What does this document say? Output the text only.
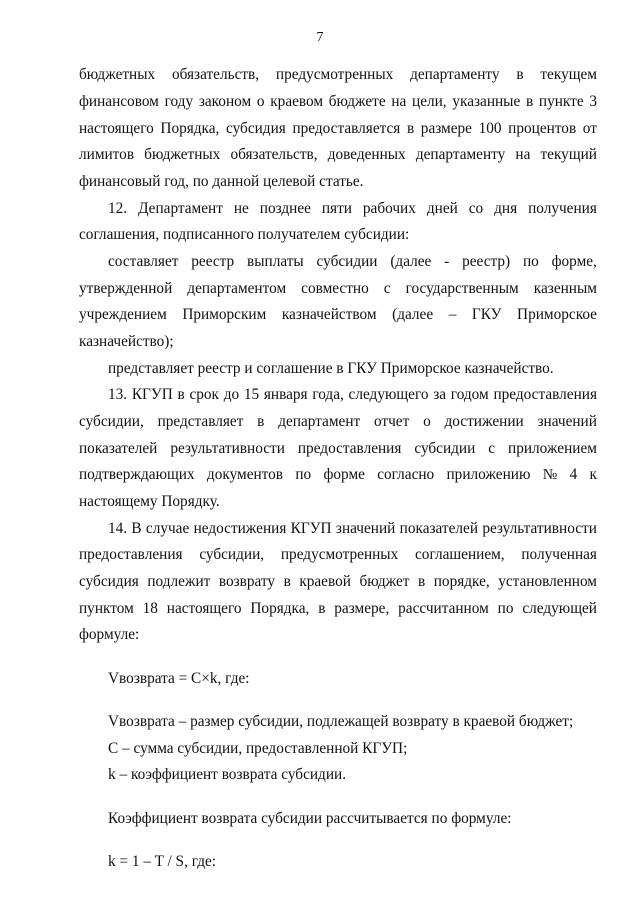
7
бюджетных обязательств, предусмотренных департаменту в текущем
финансовом году законом о краевом бюджете на цели, указанные в пункте 3
настоящего Порядка, субсидия предоставляется в размере 100 процентов от
лимитов бюджетных обязательств, доведенных департаменту на текущий
финансовый год, по данной целевой статье.
12. Департамент не позднее пяти рабочих дней со дня получения
соглашения, подписанного получателем субсидии:
составляет реестр выплаты субсидии (далее - реестр) по форме,
утвержденной департаментом совместно с государственным казенным
учреждением Приморским казначейством (далее – ГКУ Приморское
казначейство);
представляет реестр и соглашение в ГКУ Приморское казначейство.
13. КГУП в срок до 15 января года, следующего за годом предоставления
субсидии, представляет в департамент отчет о достижении значений
показателей результативности предоставления субсидии с приложением
подтверждающих документов по форме согласно приложению № 4 к
настоящему Порядку.
14. В случае недостижения КГУП значений показателей результативности
предоставления субсидии, предусмотренных соглашением, полученная
субсидия подлежит возврату в краевой бюджет в порядке, установленном
пунктом 18 настоящего Порядка, в размере, рассчитанном по следующей
формуле:
Vвозврата = С×k, где:
Vвозврата – размер субсидии, подлежащей возврату в краевой бюджет;
С – сумма субсидии, предоставленной КГУП;
k – коэффициент возврата субсидии.
Коэффициент возврата субсидии рассчитывается по формуле:
k = 1 – T / S, где:
